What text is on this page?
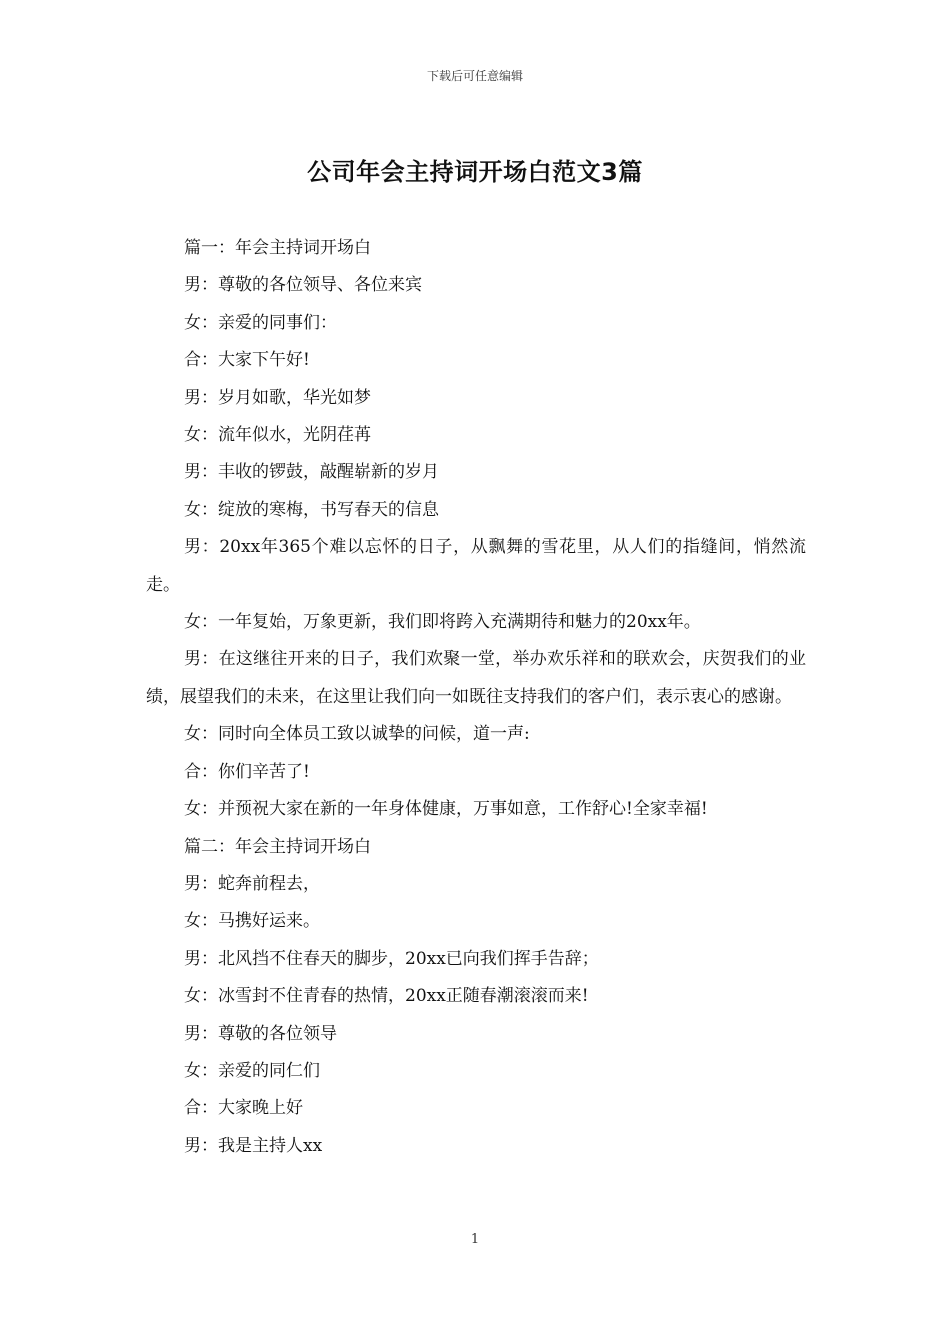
下载后可任意编辑
公司年会主持词开场白范文3篇

篇一：年会主持词开场白

男：尊敬的各位领导、各位来宾

女：亲爱的同事们：

合：大家下午好!

男：岁月如歌，华光如梦

女：流年似水，光阴荏苒

男：丰收的锣鼓，敲醒崭新的岁月

女：绽放的寒梅，书写春天的信息

男：20xx年365个难以忘怀的日子，从飘舞的雪花里，从人们的指缝间，悄然流走。

女：一年复始，万象更新，我们即将跨入充满期待和魅力的20xx年。

男：在这继往开来的日子，我们欢聚一堂，举办欢乐祥和的联欢会，庆贺我们的业绩，展望我们的未来，在这里让我们向一如既往支持我们的客户们，表示衷心的感谢。

女：同时向全体员工致以诚挚的问候，道一声:

合：你们辛苦了!

女：并预祝大家在新的一年身体健康，万事如意，工作舒心!全家幸福!

篇二：年会主持词开场白

男：蛇奔前程去，

女：马携好运来。

男：北风挡不住春天的脚步，20xx已向我们挥手告辞；

女：冰雪封不住青春的热情，20xx正随春潮滚滚而来!

男：尊敬的各位领导

女：亲爱的同仁们

合：大家晚上好

男：我是主持人xx

1
